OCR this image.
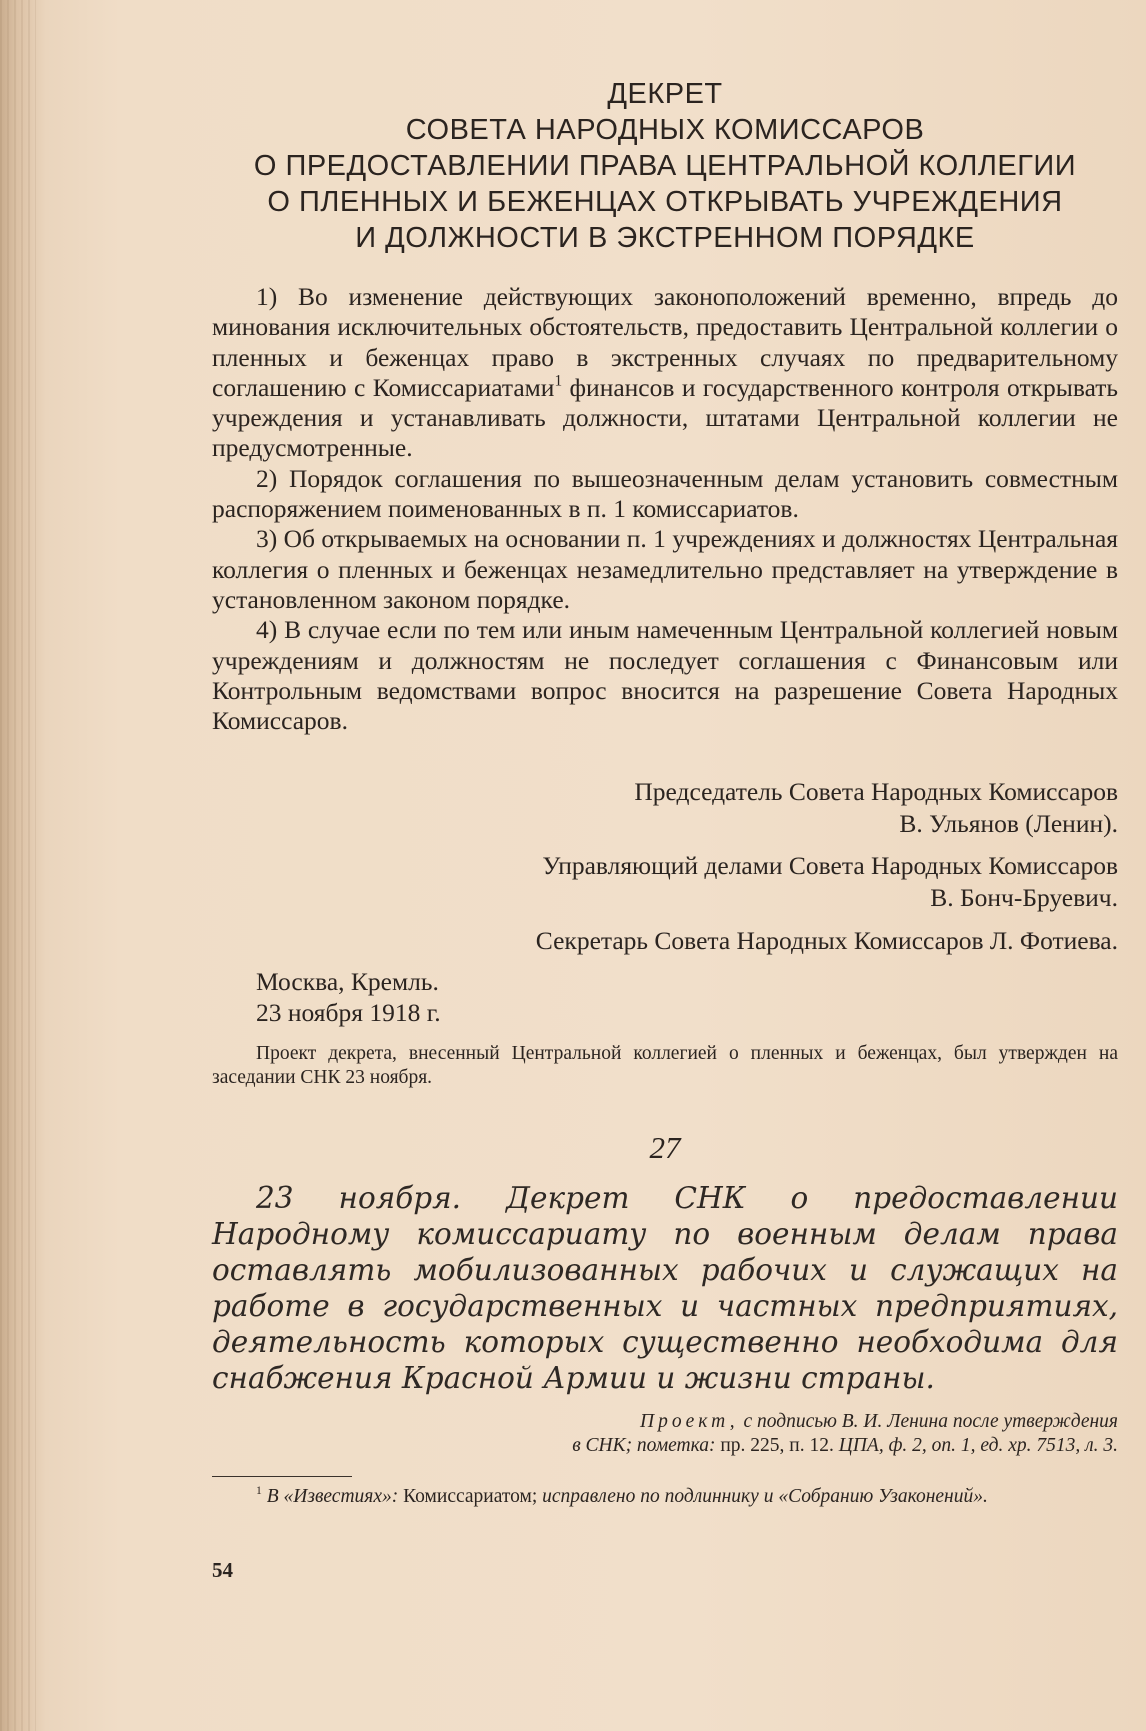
ДЕКРЕТ
СОВЕТА НАРОДНЫХ КОМИССАРОВ
О ПРЕДОСТАВЛЕНИИ ПРАВА ЦЕНТРАЛЬНОЙ КОЛЛЕГИИ
О ПЛЕННЫХ И БЕЖЕНЦАХ ОТКРЫВАТЬ УЧРЕЖДЕНИЯ
И ДОЛЖНОСТИ В ЭКСТРЕННОМ ПОРЯДКЕ

1) Во изменение действующих законоположений временно, впредь до минования исключительных обстоятельств, предоставить Центральной коллегии о пленных и беженцах право в экстренных случаях по предварительному соглашению с Комиссариатами$^1$ финансов и государственного контроля открывать учреждения и устанавливать должности, штатами Центральной коллегии не предусмотренные.

2) Порядок соглашения по вышеозначенным делам установить совместным распоряжением поименованных в п. 1 комиссариатов.

3) Об открываемых на основании п. 1 учреждениях и должностях Центральная коллегия о пленных и беженцах незамедлительно представляет на утверждение в установленном законом порядке.

4) В случае если по тем или иным намеченным Центральной коллегией новым учреждениям и должностям не последует соглашения с Финансовым или Контрольным ведомствами вопрос вносится на разрешение Совета Народных Комиссаров.

Председатель Совета Народных Комиссаров
В. Ульянов (Ленин).
Управляющий делами Совета Народных Комиссаров
В. Бонч-Бруевич.
Секретарь Совета Народных Комиссаров Л. Фотиева.
Москва, Кремль.
23 ноября 1918 г.
Проект декрета, внесенный Центральной коллегией о пленных и беженцах, был утвержден на заседании СНК 23 ноября.
27
23 ноября. Декрет СНК о предоставлении Народному комиссариату по военным делам права оставлять мобилизованных рабочих и служащих на работе в государственных и частных предприятиях, деятельность которых существенно необходима для снабжения Красной Армии и жизни страны.
Проект, с подписью В. И. Ленина после утверждения
в СНК; пометка: пр. 225, п. 12. ЦПА, ф. 2, оп. 1, ед. хр. 7513, л. 3.
$^1$ В «Известиях»: Комиссариатом; исправлено по подлиннику и «Собранию Узаконений».
54
